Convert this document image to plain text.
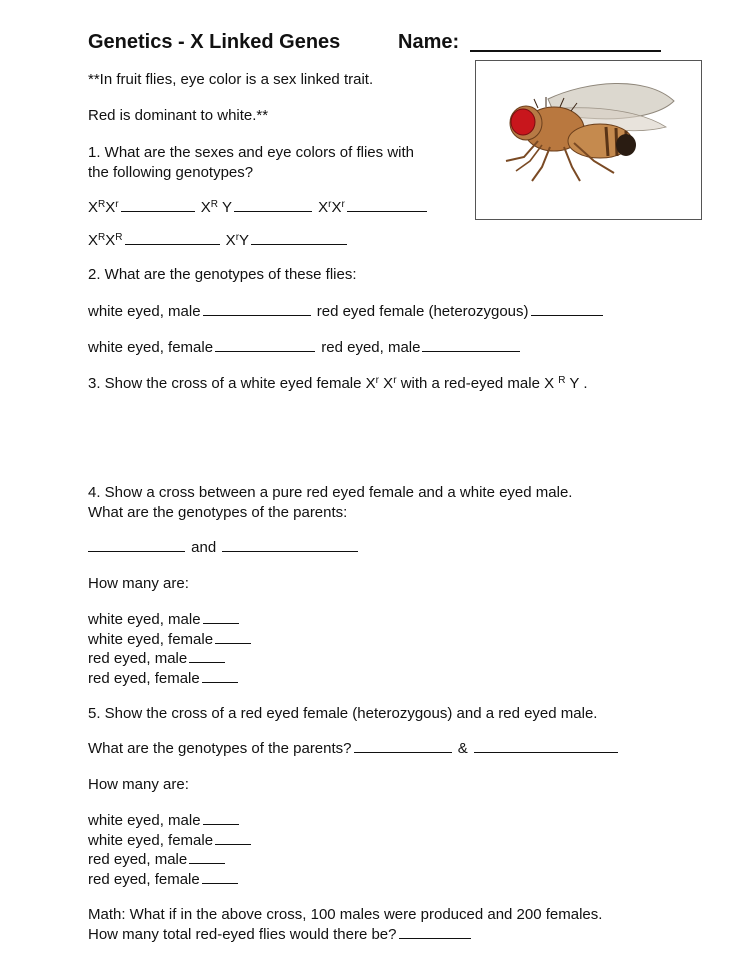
Genetics - X Linked Genes	Name:
**In fruit flies, eye color is a sex linked trait.
Red is dominant to white.**
1. What are the sexes and eye colors of flies with
the following genotypes?
$X^RX^r$	$X^R$ Y	$X^rX^r$
$X^RX^R$	$X^rY$
2. What are the genotypes of these flies:
white eyed, male	red eyed female (heterozygous)
white eyed, female	red eyed, male
3. Show the cross of a white eyed female $X^r$ $X^r$ with a red-eyed male X $^R$ Y .
4. Show a cross between a pure red eyed female and a white eyed male.
What are the genotypes of the parents:
and
How many are:
white eyed, male
white eyed, female
red eyed, male
red eyed, female
5. Show the cross of a red eyed female (heterozygous) and a red eyed male.
What are the genotypes of the parents?	&
How many are:
white eyed, male
white eyed, female
red eyed, male
red eyed, female
Math: What if in the above cross, 100 males were produced and 200 females.
How many total red-eyed flies would there be?
